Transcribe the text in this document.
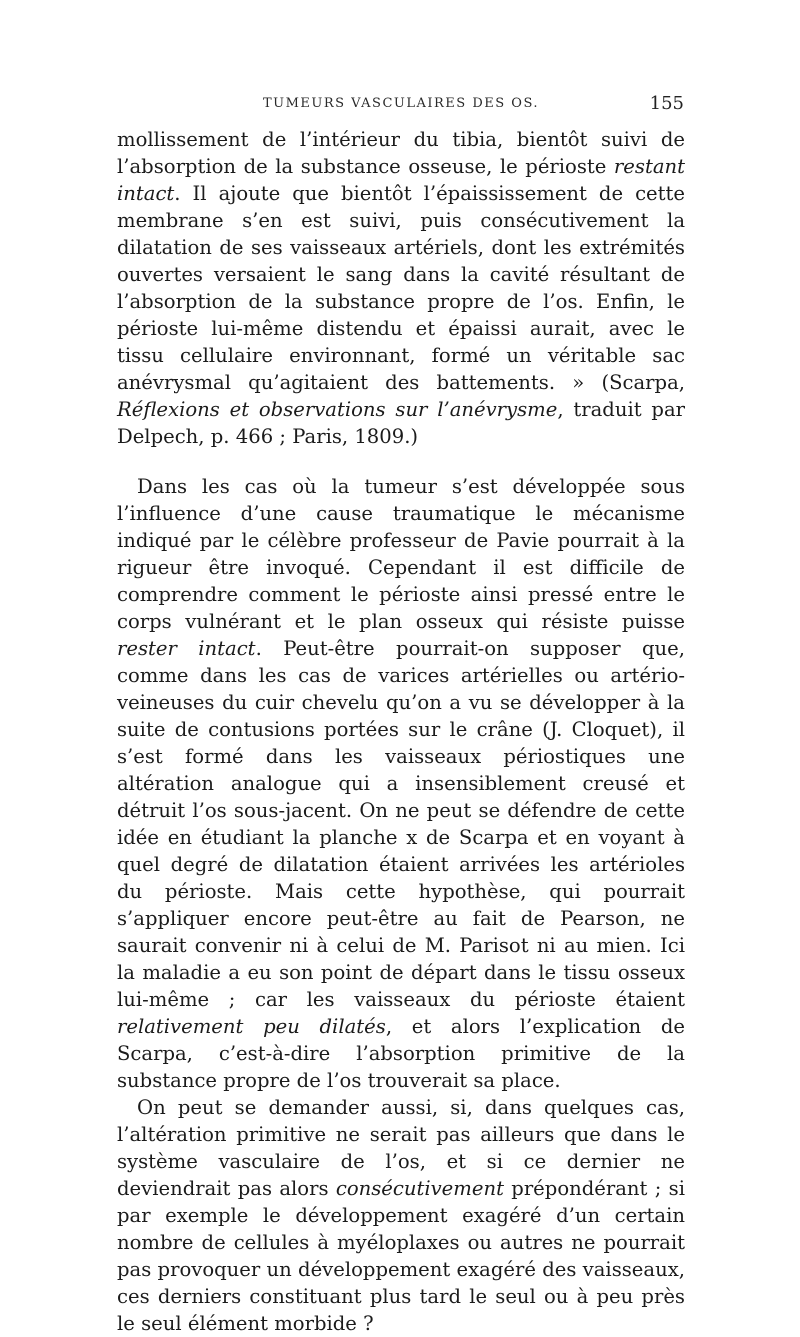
TUMEURS VASCULAIRES DES OS.	155

mollissement de l’intérieur du tibia, bientôt suivi de l’absorption de la substance osseuse, le périoste restant intact. Il ajoute que bientôt l’épaississement de cette membrane s’en est suivi, puis consécutivement la dilatation de ses vaisseaux artériels, dont les extrémités ouvertes versaient le sang dans la cavité résultant de l’absorption de la substance propre de l’os. Enfin, le périoste lui-même distendu et épaissi aurait, avec le tissu cellulaire environnant, formé un véritable sac anévrysmal qu’agitaient des battements. » (Scarpa, Réflexions et observations sur l’anévrysme, traduit par Delpech, p. 466 ; Paris, 1809.)

Dans les cas où la tumeur s’est développée sous l’influence d’une cause traumatique le mécanisme indiqué par le célèbre professeur de Pavie pourrait à la rigueur être invoqué. Cependant il est difficile de comprendre comment le périoste ainsi pressé entre le corps vulnérant et le plan osseux qui résiste puisse rester intact. Peut-être pourrait-on supposer que, comme dans les cas de varices artérielles ou artério-veineuses du cuir chevelu qu’on a vu se développer à la suite de contusions portées sur le crâne (J. Cloquet), il s’est formé dans les vaisseaux périostiques une altération analogue qui a insensiblement creusé et détruit l’os sous-jacent. On ne peut se défendre de cette idée en étudiant la planche x de Scarpa et en voyant à quel degré de dilatation étaient arrivées les artérioles du périoste. Mais cette hypothèse, qui pourrait s’appliquer encore peut-être au fait de Pearson, ne saurait convenir ni à celui de M. Parisot ni au mien. Ici la maladie a eu son point de départ dans le tissu osseux lui-même ; car les vaisseaux du périoste étaient relativement peu dilatés, et alors l’explication de Scarpa, c’est-à-dire l’absorption primitive de la substance propre de l’os trouverait sa place.

On peut se demander aussi, si, dans quelques cas, l’altération primitive ne serait pas ailleurs que dans le système vasculaire de l’os, et si ce dernier ne deviendrait pas alors consécutivement prépondérant ; si par exemple le développement exagéré d’un certain nombre de cellules à myéloplaxes ou autres ne pourrait pas provoquer un développement exagéré des vaisseaux, ces derniers constituant plus tard le seul ou à peu près le seul élément morbide ?
